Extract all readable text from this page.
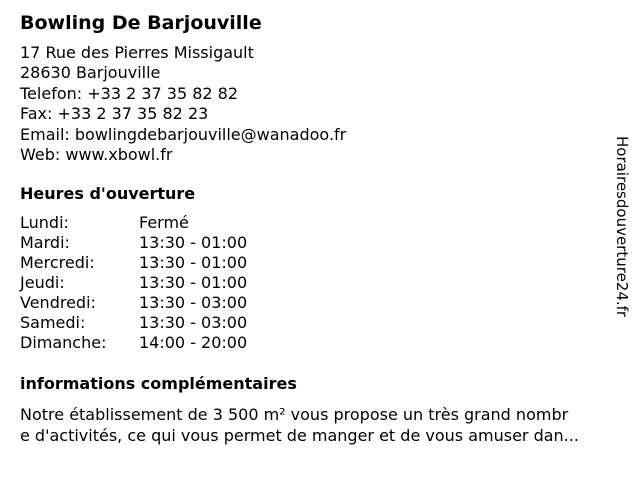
Bowling De Barjouville
17 Rue des Pierres Missigault
28630 Barjouville
Telefon: +33 2 37 35 82 82
Fax: +33 2 37 35 82 23
Email: bowlingdebarjouville@wanadoo.fr
Web: www.xbowl.fr
Heures d'ouverture
Lundi:	Fermé
Mardi:	13:30 - 01:00
Mercredi:	13:30 - 01:00
Jeudi:	13:30 - 01:00
Vendredi:	13:30 - 03:00
Samedi:	13:30 - 03:00
Dimanche: 14:00 - 20:00
informations complémentaires
Notre établissement de 3 500 m² vous propose un très grand nombr
e d'activités, ce qui vous permet de manger et de vous amuser dan...
Horairesdouverture24.fr
